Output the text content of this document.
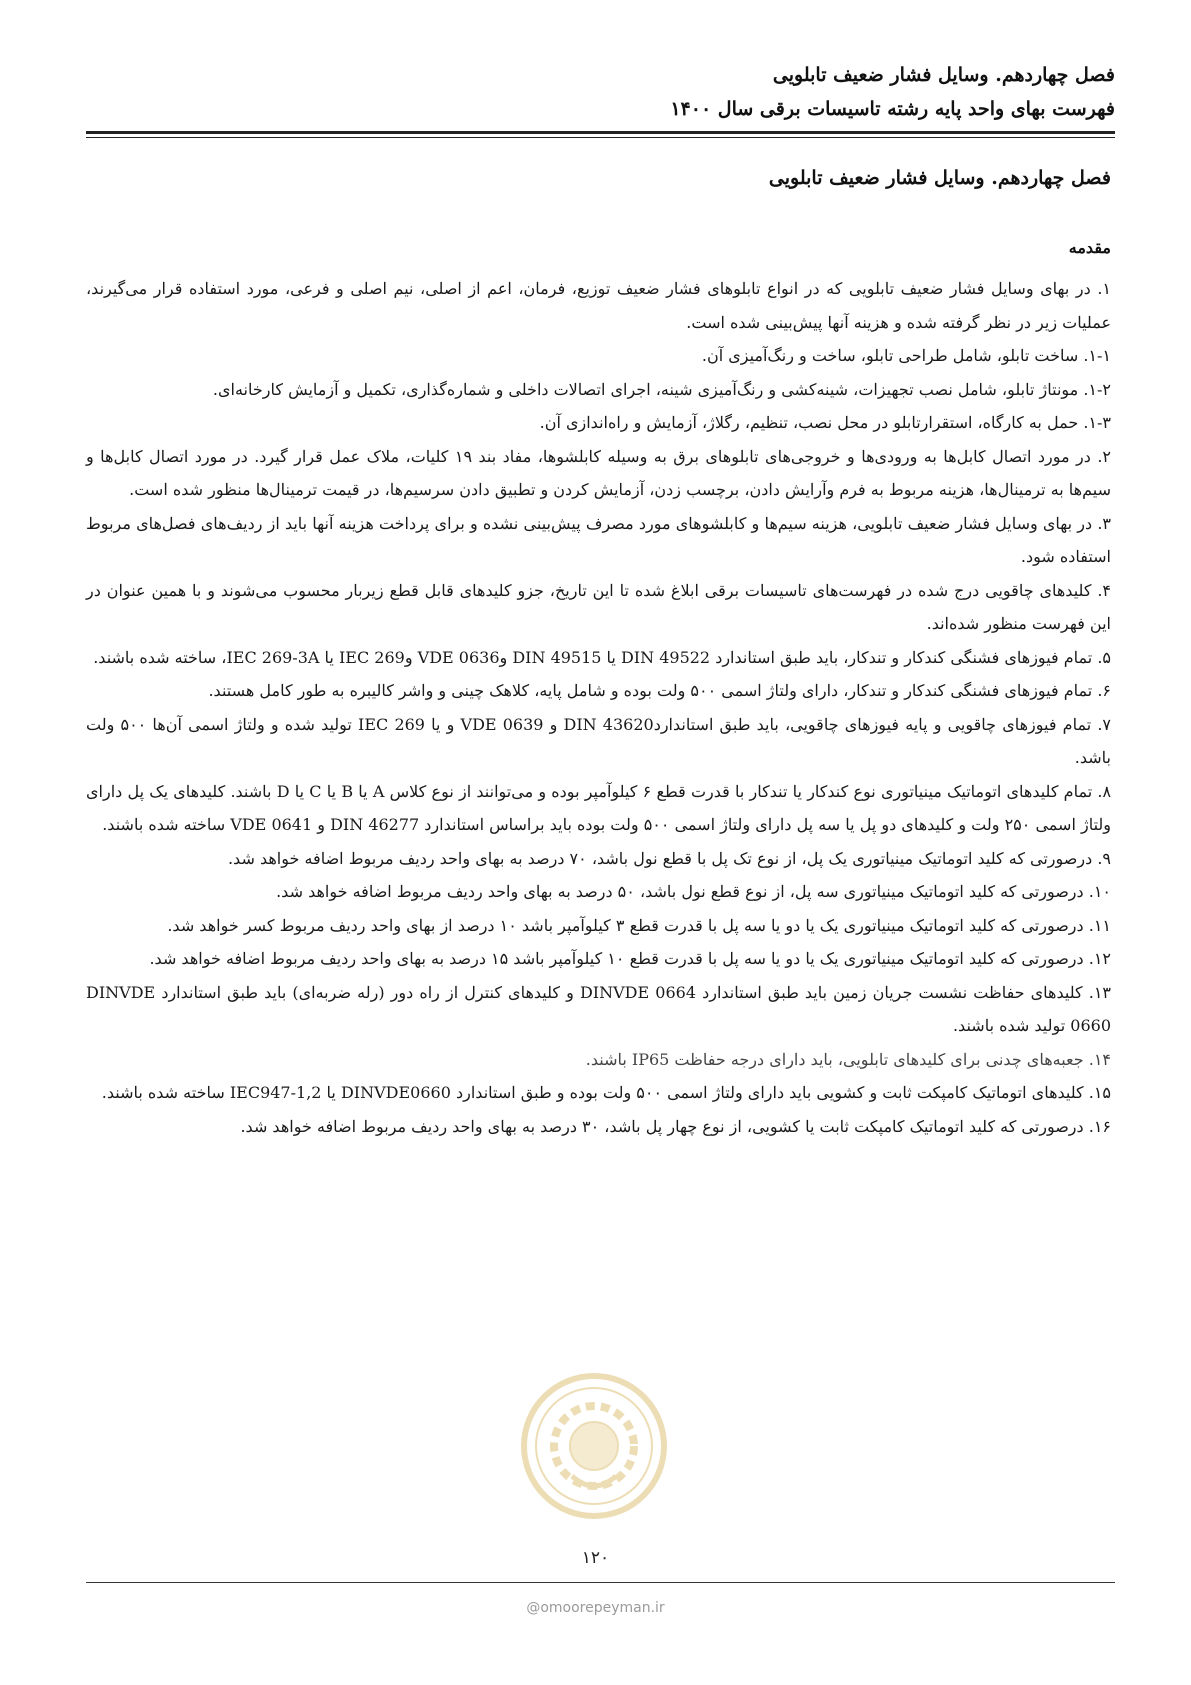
فصل چهاردهم. وسایل فشار ضعیف تابلویی
فهرست بهای واحد پایه رشته تاسیسات برقی سال ۱۴۰۰
فصل چهاردهم. وسایل فشار ضعیف تابلویی
مقدمه

۱. در بهای وسایل فشار ضعیف تابلویی که در انواع تابلوهای فشار ضعیف توزیع، فرمان، اعم از اصلی، نیم اصلی و فرعی، مورد استفاده قرار می‌گیرند، عملیات زیر در نظر گرفته شده و هزینه آنها پیش‌بینی شده است.

۱-۱. ساخت تابلو، شامل طراحی تابلو، ساخت و رنگ‌آمیزی آن.

۱-۲. مونتاژ تابلو، شامل نصب تجهیزات، شینه‌کشی و رنگ‌آمیزی شینه، اجرای اتصالات داخلی و شماره‌گذاری، تکمیل و آزمایش کارخانه‌ای.

۱-۳. حمل به کارگاه، استقرارتابلو در محل نصب، تنظیم، رگلاژ، آزمایش و راه‌اندازی آن.

۲. در مورد اتصال کابل‌ها به ورودی‌ها و خروجی‌های تابلوهای برق به وسیله کابلشوها، مفاد بند ۱۹ کلیات، ملاک عمل قرار گیرد. در مورد اتصال کابل‌ها و سیم‌ها به ترمینال‌ها، هزینه مربوط به فرم وآرایش دادن، برچسب زدن، آزمایش کردن و تطبیق دادن سرسیم‌ها، در قیمت ترمینال‌ها منظور شده است.

۳. در بهای وسایل فشار ضعیف تابلویی، هزینه سیم‌ها و کابلشوهای مورد مصرف پیش‌بینی نشده و برای پرداخت هزینه آنها باید از ردیف‌های فصل‌های مربوط استفاده شود.

۴. کلیدهای چاقویی درج شده در فهرست‌های تاسیسات برقی ابلاغ شده تا این تاریخ، جزو کلیدهای قابل قطع زیربار محسوب می‌شوند و با همین عنوان در این فهرست منظور شده‌اند.

۵. تمام فیوزهای فشنگی کندکار و تندکار، باید طبق استاندارد DIN 49522 یا DIN 49515 وVDE 0636 وIEC 269 یا IEC 269-3A، ساخته شده باشند.

۶. تمام فیوزهای فشنگی کندکار و تندکار، دارای ولتاژ اسمی ۵۰۰ ولت بوده و شامل پایه، کلاهک چینی و واشر کالیبره به طور کامل هستند.

۷. تمام فیوزهای چاقویی و پایه فیوزهای چاقویی، باید طبق استانداردDIN 43620 و VDE 0639 و یا IEC 269 تولید شده و ولتاژ اسمی آن‌ها ۵۰۰ ولت باشد.

۸. تمام کلیدهای اتوماتیک مینیاتوری نوع کندکار یا تندکار با قدرت قطع ۶ کیلوآمپر بوده و می‌توانند از نوع کلاس A یا B یا C یا D باشند. کلیدهای یک پل دارای ولتاژ اسمی ۲۵۰ ولت و کلیدهای دو پل یا سه پل دارای ولتاژ اسمی ۵۰۰ ولت بوده باید براساس استاندارد DIN 46277 و VDE 0641 ساخته شده باشند.

۹. درصورتی که کلید اتوماتیک مینیاتوری یک پل، از نوع تک پل با قطع نول باشد، ۷۰ درصد به بهای واحد ردیف مربوط اضافه خواهد شد.

۱۰. درصورتی که کلید اتوماتیک مینیاتوری سه پل، از نوع قطع نول باشد، ۵۰ درصد به بهای واحد ردیف مربوط اضافه خواهد شد.

۱۱. درصورتی که کلید اتوماتیک مینیاتوری یک یا دو یا سه پل با قدرت قطع ۳ کیلوآمپر باشد ۱۰ درصد از بهای واحد ردیف مربوط کسر خواهد شد.

۱۲. درصورتی که کلید اتوماتیک مینیاتوری یک یا دو یا سه پل با قدرت قطع ۱۰ کیلوآمپر باشد ۱۵ درصد به بهای واحد ردیف مربوط اضافه خواهد شد.

۱۳. کلیدهای حفاظت نشست جریان زمین باید طبق استاندارد DINVDE 0664 و کلیدهای کنترل از راه دور (رله ضربه‌ای) باید طبق استاندارد DINVDE 0660 تولید شده باشند.

۱۴. جعبه‌های چدنی برای کلیدهای تابلویی، باید دارای درجه حفاظت IP65 باشند.

۱۵. کلیدهای اتوماتیک کامپکت ثابت و کشویی باید دارای ولتاژ اسمی ۵۰۰ ولت بوده و طبق استاندارد DINVDE0660 یا IEC947-1,2 ساخته شده باشند.

۱۶. درصورتی که کلید اتوماتیک کامپکت ثابت یا کشویی، از نوع چهار پل باشد، ۳۰ درصد به بهای واحد ردیف مربوط اضافه خواهد شد.

۱۲۰
@omoorepeyman.ir
